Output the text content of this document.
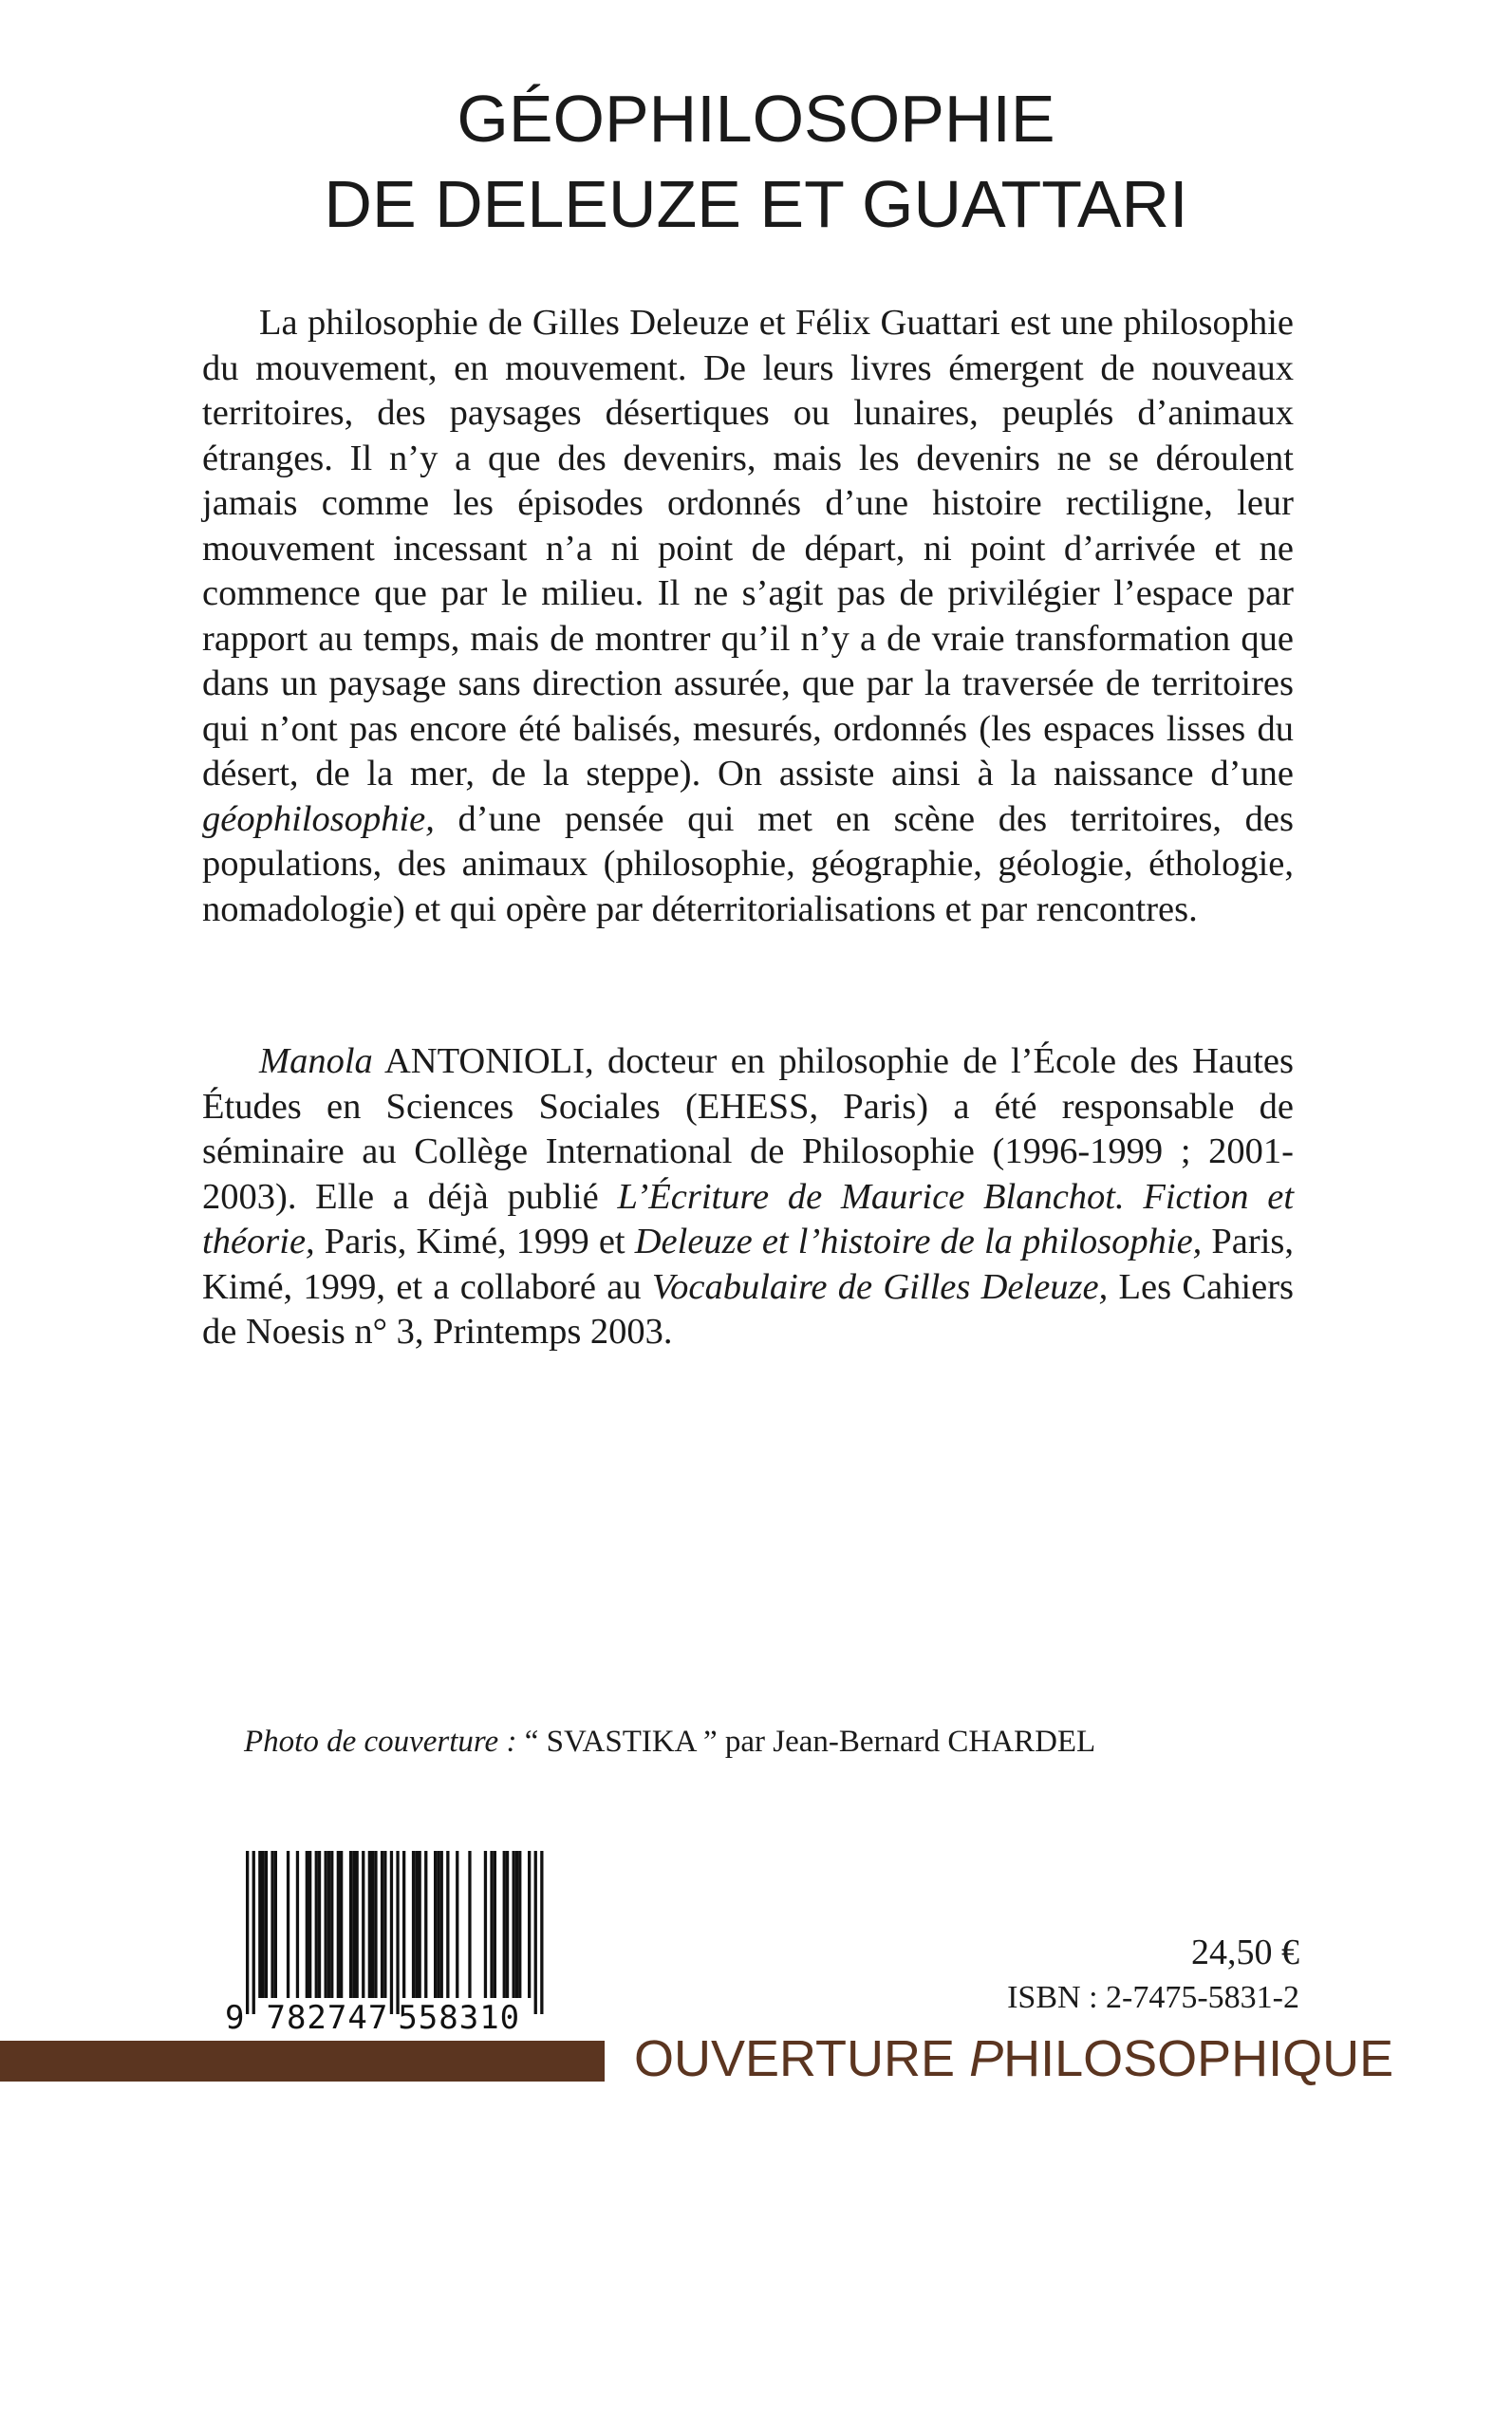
GÉOPHILOSOPHIE
DE DELEUZE ET GUATTARI
La philosophie de Gilles Deleuze et Félix Guattari est une philosophie du mouvement, en mouvement. De leurs livres émergent de nouveaux territoires, des paysages désertiques ou lunaires, peuplés d’animaux étranges. Il n’y a que des devenirs, mais les devenirs ne se déroulent jamais comme les épisodes ordonnés d’une histoire rectiligne, leur mouvement incessant n’a ni point de départ, ni point d’arrivée et ne commence que par le milieu. Il ne s’agit pas de privilégier l’espace par rapport au temps, mais de montrer qu’il n’y a de vraie transformation que dans un paysage sans direction assurée, que par la traversée de territoires qui n’ont pas encore été balisés, mesurés, ordonnés (les espaces lisses du désert, de la mer, de la steppe). On assiste ainsi à la naissance d’une géophilosophie, d’une pensée qui met en scène des territoires, des populations, des animaux (philosophie, géographie, géologie, éthologie, nomadologie) et qui opère par déterritorialisations et par rencontres.
Manola ANTONIOLI, docteur en philosophie de l’École des Hautes Études en Sciences Sociales (EHESS, Paris) a été responsable de séminaire au Collège International de Philosophie (1996-1999 ; 2001-2003). Elle a déjà publié L’Écriture de Maurice Blanchot. Fiction et théorie, Paris, Kimé, 1999 et Deleuze et l’histoire de la philosophie, Paris, Kimé, 1999, et a collaboré au Vocabulaire de Gilles Deleuze, Les Cahiers de Noesis n° 3, Printemps 2003.
Photo de couverture : “ SVASTIKA ” par Jean-Bernard CHARDEL
9 782747 558310
24,50 €
ISBN : 2-7475-5831-2
OUVERTURE PHILOSOPHIQUE
